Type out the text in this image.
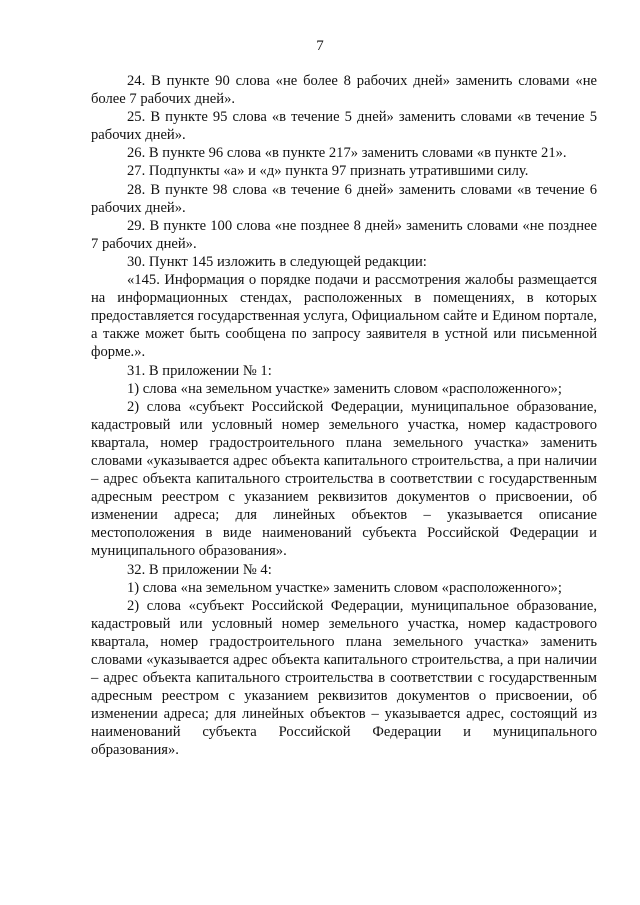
7

24. В пункте 90 слова «не более 8 рабочих дней» заменить словами «не более 7 рабочих дней».

25. В пункте 95 слова «в течение 5 дней» заменить словами «в течение 5 рабочих дней».

26. В пункте 96 слова «в пункте 217» заменить словами «в пункте 21».

27. Подпункты «а» и «д» пункта 97 признать утратившими силу.

28. В пункте 98 слова «в течение 6 дней» заменить словами «в течение 6 рабочих дней».

29. В пункте 100 слова «не позднее 8 дней» заменить словами «не позднее 7 рабочих дней».

30. Пункт 145 изложить в следующей редакции:

«145. Информация о порядке подачи и рассмотрения жалобы размещается на информационных стендах, расположенных в помещениях, в которых предоставляется государственная услуга, Официальном сайте и Едином портале, а также может быть сообщена по запросу заявителя в устной или письменной форме.».

31. В приложении № 1:

1) слова «на земельном участке» заменить словом «расположенного»;

2) слова «субъект Российской Федерации, муниципальное образование, кадастровый или условный номер земельного участка, номер кадастрового квартала, номер градостроительного плана земельного участка» заменить словами «указывается адрес объекта капитального строительства, а при наличии – адрес объекта капитального строительства в соответствии с государственным адресным реестром с указанием реквизитов документов о присвоении, об изменении адреса; для линейных объектов – указывается описание местоположения в виде наименований субъекта Российской Федерации и муниципального образования».

32. В приложении № 4:

1) слова «на земельном участке» заменить словом «расположенного»;

2) слова «субъект Российской Федерации, муниципальное образование, кадастровый или условный номер земельного участка, номер кадастрового квартала, номер градостроительного плана земельного участка» заменить словами «указывается адрес объекта капитального строительства, а при наличии – адрес объекта капитального строительства в соответствии с государственным адресным реестром с указанием реквизитов документов о присвоении, об изменении адреса; для линейных объектов – указывается адрес, состоящий из наименований субъекта Российской Федерации и муниципального образования».
